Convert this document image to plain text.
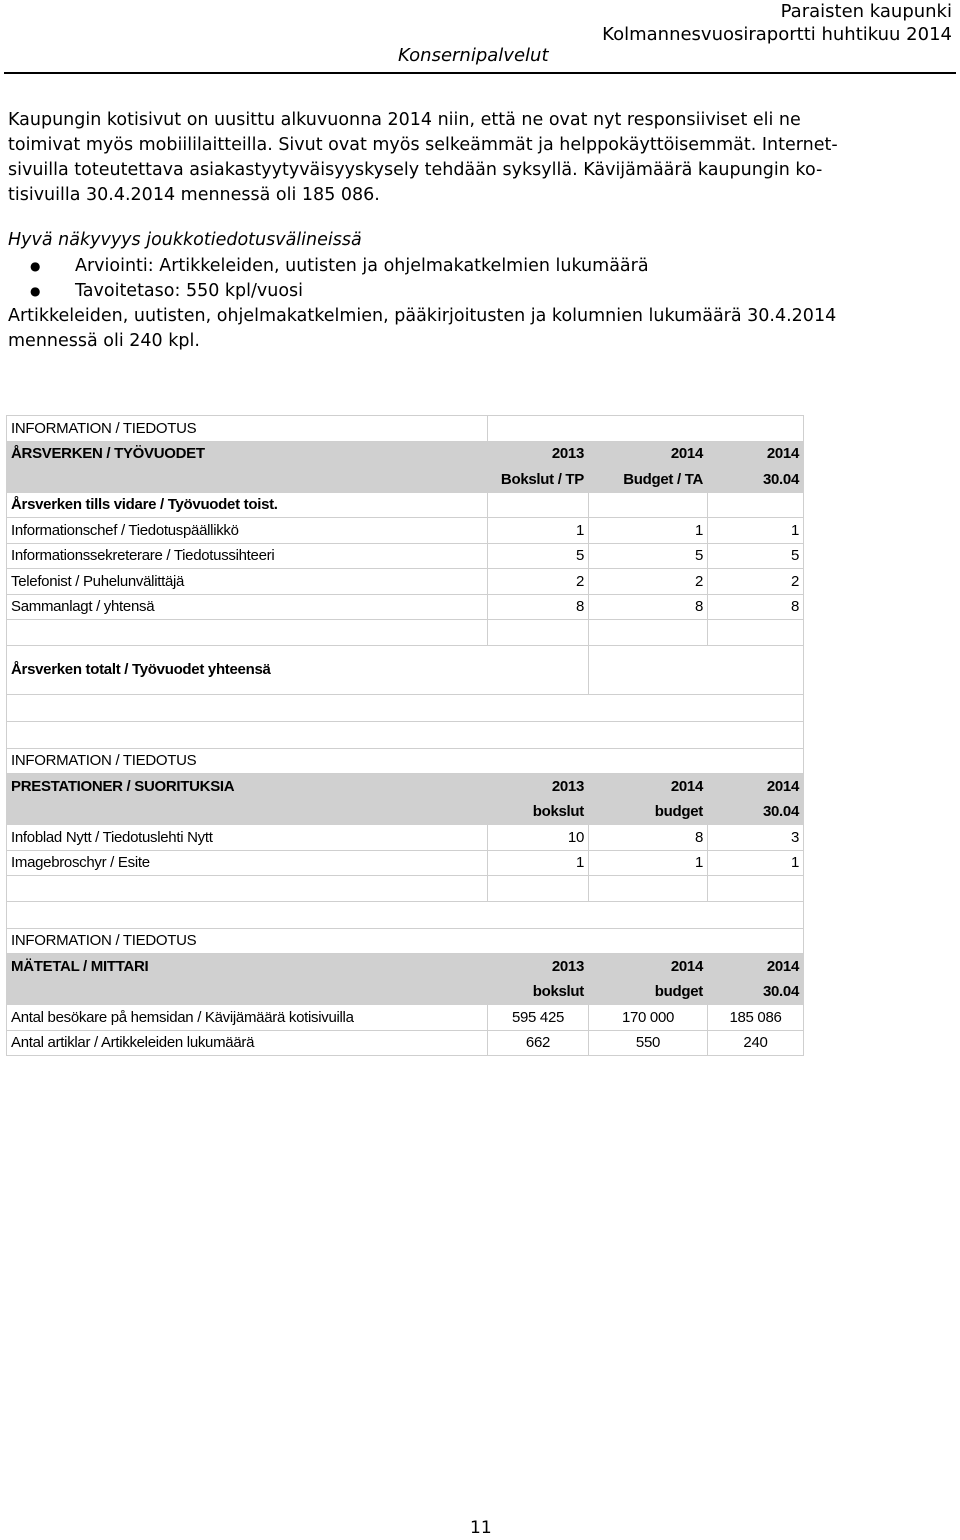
Paraisten kaupunki
Kolmannesvuosiraportti huhtikuu 2014
Konsernipalvelut
Kaupungin kotisivut on uusittu alkuvuonna 2014 niin, että ne ovat nyt responsiiviset eli ne
toimivat myös mobiililaitteilla. Sivut ovat myös selkeämmät ja helppokäyttöisemmät. Internet-
sivuilla toteutettava asiakastyytyväisyyskysely tehdään syksyllä. Kävijämäärä kaupungin ko-
tisivuilla 30.4.2014 mennessä oli 185 086.
Hyvä näkyvyys joukkotiedotusvälineissä
● Arviointi: Artikkeleiden, uutisten ja ohjelmakatkelmien lukumäärä
● Tavoitetaso: 550 kpl/vuosi
Artikkeleiden, uutisten, ohjelmakatkelmien, pääkirjoitusten ja kolumnien lukumäärä 30.4.2014
mennessä oli 240 kpl.
INFORMATION / TIEDOTUS			
ÅRSVERKEN / TYÖVUODET	2013	2014	2014
	Bokslut / TP	Budget / TA	30.04
Årsverken tills vidare / Työvuodet toist.			
Informationschef / Tiedotuspäällikkö	1	1	1
Informationssekreterare / Tiedotussihteeri	5	5	5
Telefonist / Puhelunvälittäjä	2	2	2
Sammanlagt / yhtensä	8	8	8

Årsverken totalt / Työvuodet yhteensä			

INFORMATION / TIEDOTUS			
PRESTATIONER / SUORITUKSIA	2013	2014	2014
	bokslut	budget	30.04
Infoblad Nytt / Tiedotuslehti Nytt	10	8	3
Imagebroschyr / Esite	1	1	1

INFORMATION / TIEDOTUS			
MÄTETAL / MITTARI	2013	2014	2014
	bokslut	budget	30.04
Antal besökare på hemsidan / Kävijämäärä kotisivuilla	595 425	170 000	185 086
Antal artiklar / Artikkeleiden lukumäärä	662	550	240
11
